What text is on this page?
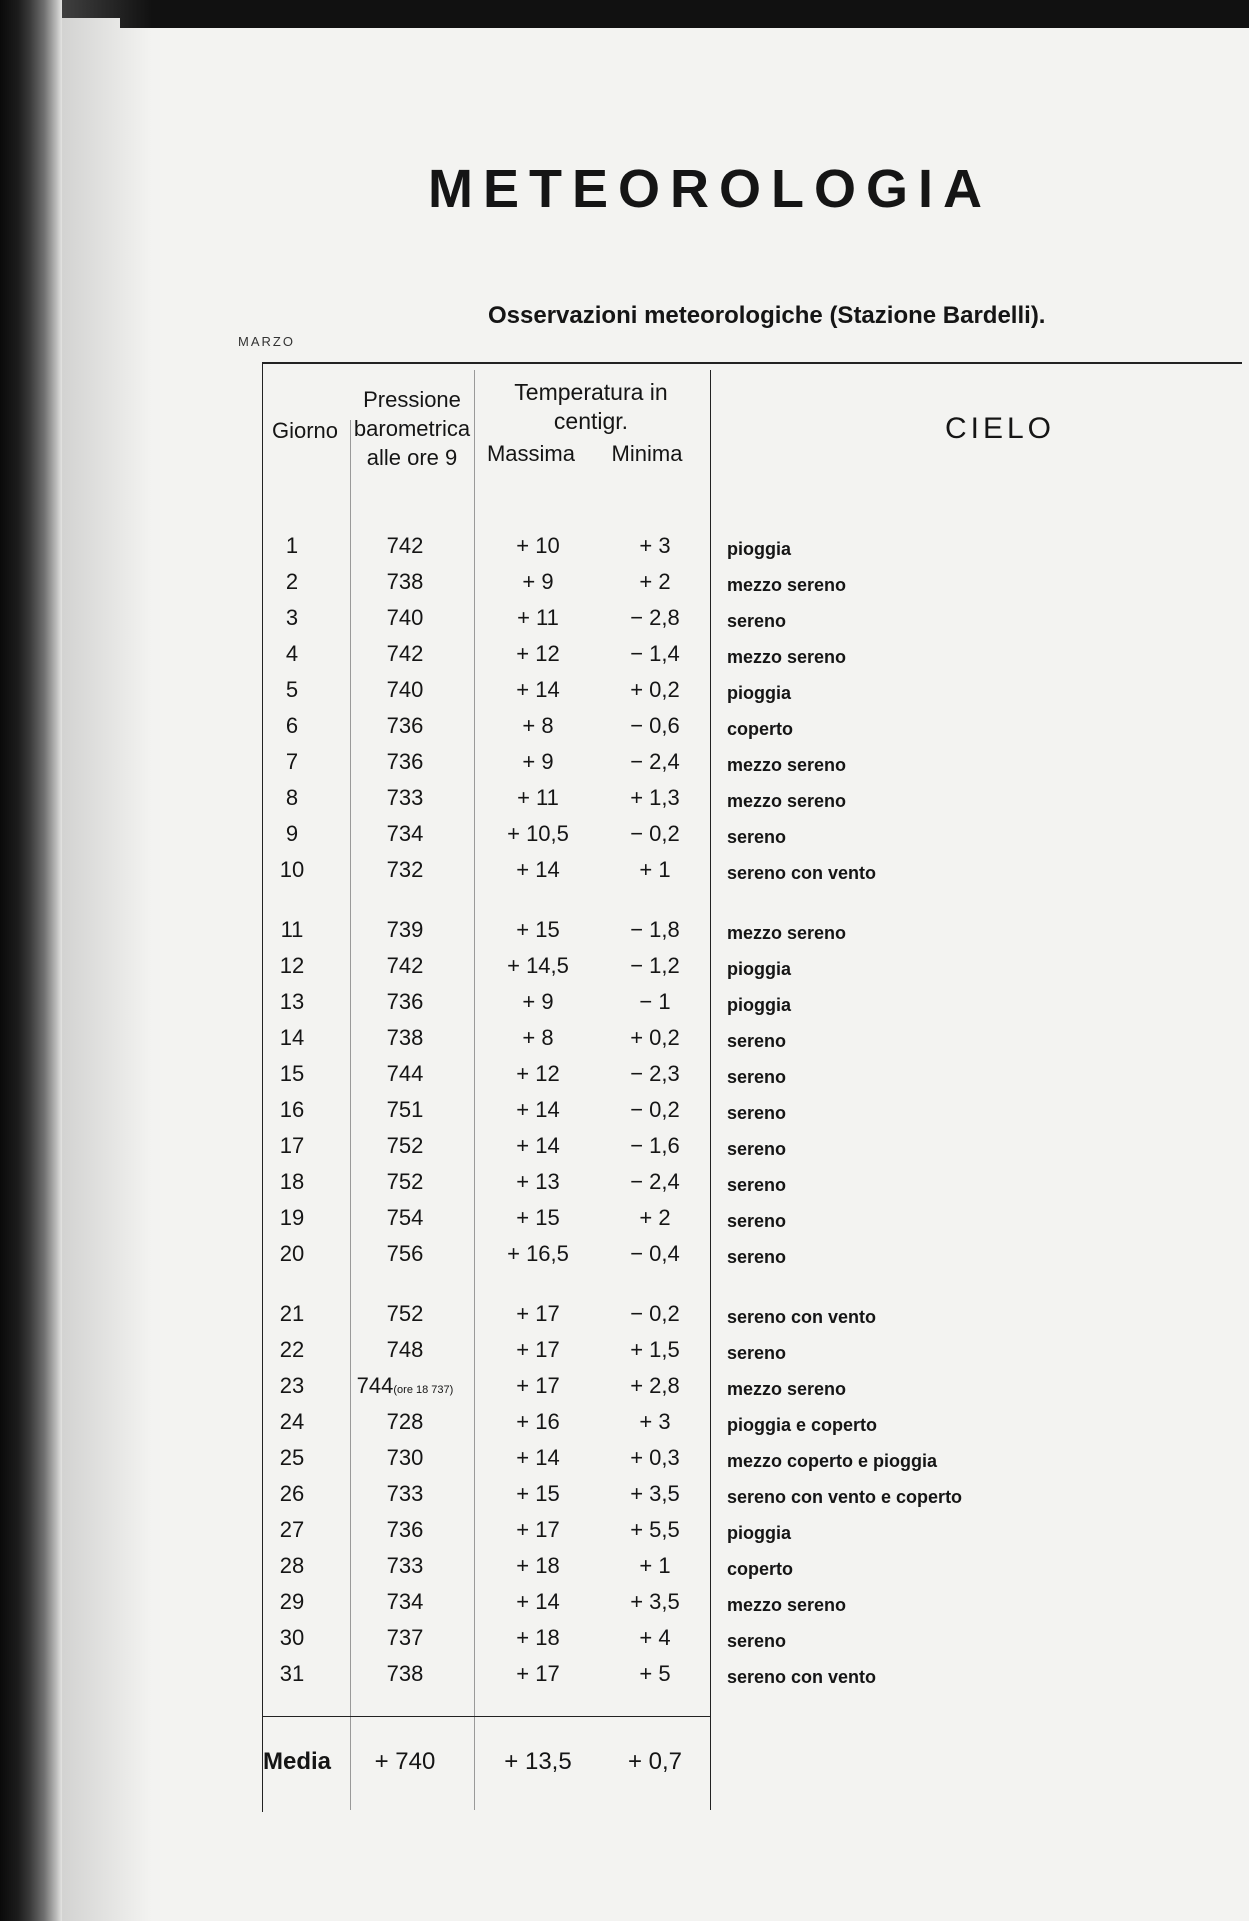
METEOROLOGIA
MARZO
Osservazioni meteorologiche (Stazione Bardelli).
Giorno
Pressione
barometrica
alle ore 9
Temperatura in centigr.
Massima	Minima
CIELO
1	742	+ 10	+ 3	pioggia
2	738	+ 9	+ 2	mezzo sereno
3	740	+ 11	− 2,8	sereno
4	742	+ 12	− 1,4	mezzo sereno
5	740	+ 14	+ 0,2	pioggia
6	736	+ 8	− 0,6	coperto
7	736	+ 9	− 2,4	mezzo sereno
8	733	+ 11	+ 1,3	mezzo sereno
9	734	+ 10,5	− 0,2	sereno
10	732	+ 14	+ 1	sereno con vento
11	739	+ 15	− 1,8	mezzo sereno
12	742	+ 14,5	− 1,2	pioggia
13	736	+ 9	− 1	pioggia
14	738	+ 8	+ 0,2	sereno
15	744	+ 12	− 2,3	sereno
16	751	+ 14	− 0,2	sereno
17	752	+ 14	− 1,6	sereno
18	752	+ 13	− 2,4	sereno
19	754	+ 15	+ 2	sereno
20	756	+ 16,5	− 0,4	sereno
21	752	+ 17	− 0,2	sereno con vento
22	748	+ 17	+ 1,5	sereno
23	744(ore 18 737)	+ 17	+ 2,8	mezzo sereno
24	728	+ 16	+ 3	pioggia e coperto
25	730	+ 14	+ 0,3	mezzo coperto e pioggia
26	733	+ 15	+ 3,5	sereno con vento e coperto
27	736	+ 17	+ 5,5	pioggia
28	733	+ 18	+ 1	coperto
29	734	+ 14	+ 3,5	mezzo sereno
30	737	+ 18	+ 4	sereno
31	738	+ 17	+ 5	sereno con vento
Media	+ 740	+ 13,5	+ 0,7
